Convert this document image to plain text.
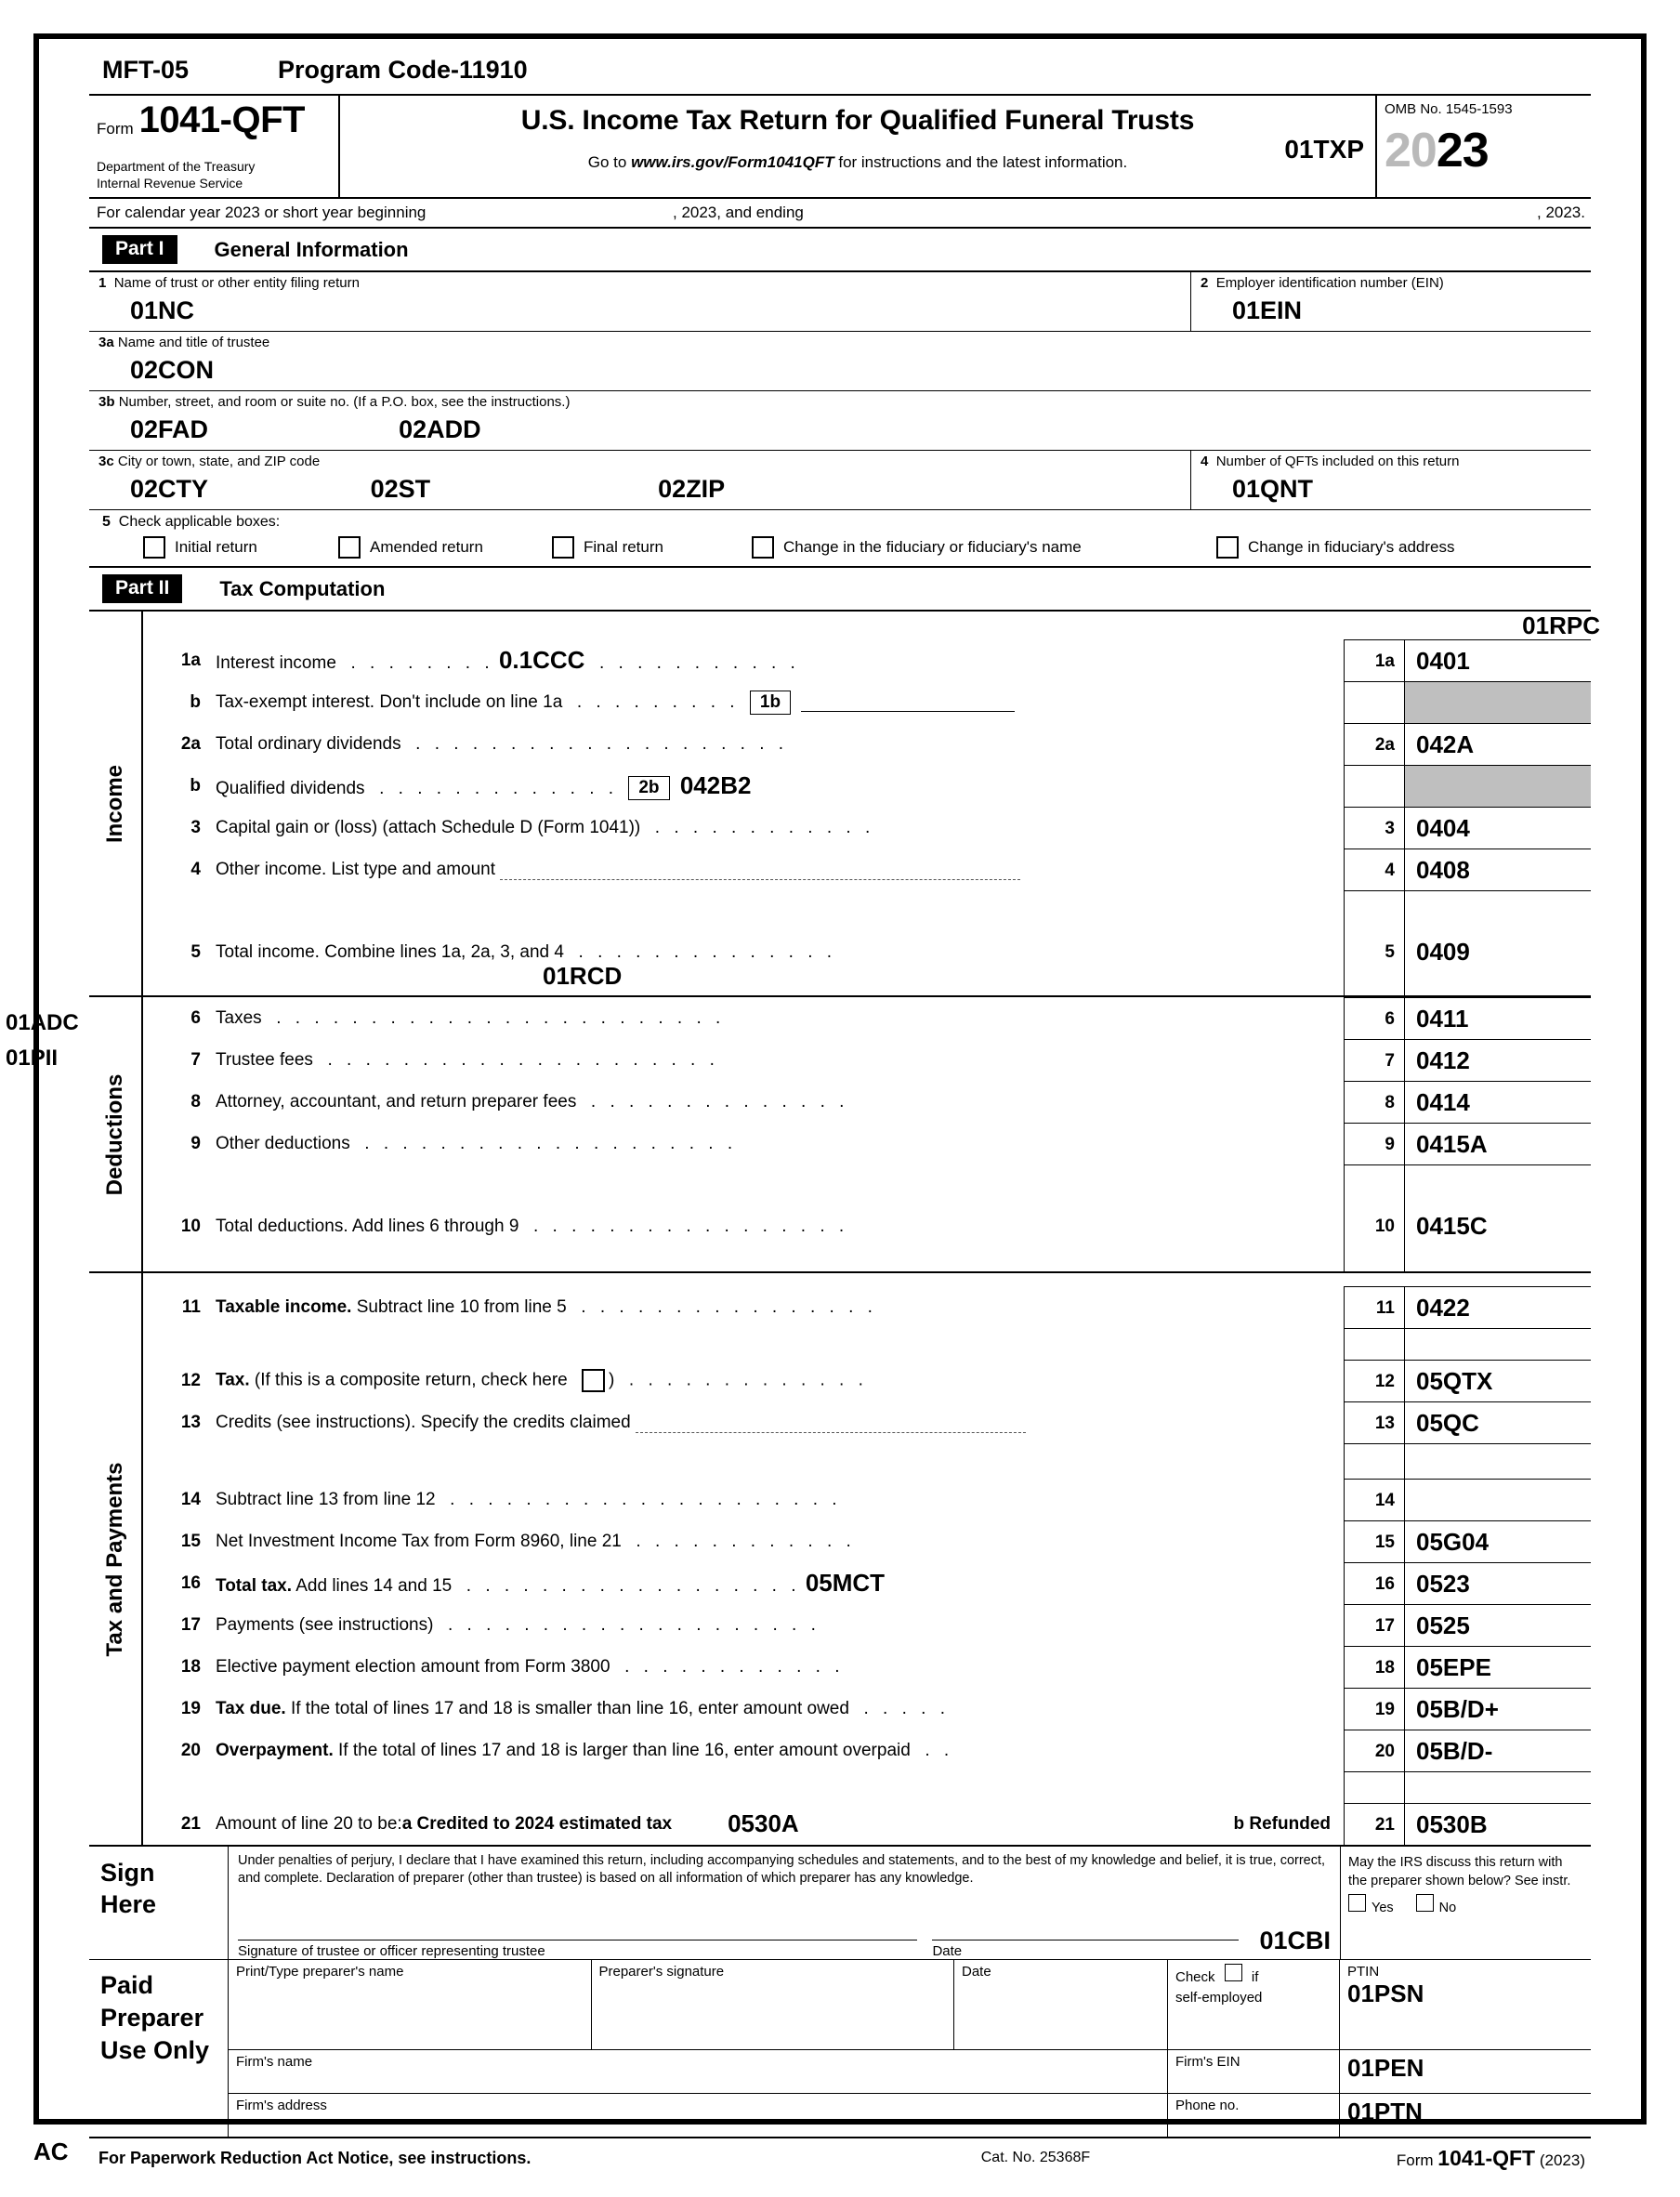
MFT-05	Program Code-11910
Form 1041-QFT
Department of the Treasury
Internal Revenue Service
U.S. Income Tax Return for Qualified Funeral Trusts
Go to www.irs.gov/Form1041QFT for instructions and the latest information.	01TXP
OMB No. 1545-1593
2023
For calendar year 2023 or short year beginning	, 2023, and ending	, 2023.
Part I	General Information
1 Name of trust or other entity filing return
01NC
2 Employer identification number (EIN)
01EIN
3a Name and title of trustee
02CON
3b Number, street, and room or suite no. (If a P.O. box, see the instructions.)
02FAD	02ADD
3c City or town, state, and ZIP code
02CTY	02ST	02ZIP
4 Number of QFTs included on this return
01QNT
5 Check applicable boxes:
Initial return	Amended return	Final return	Change in the fiduciary or fiduciary's name	Change in fiduciary's address
Part II	Tax Computation
Income
01RPC
1a Interest income  . . . . . . . . 0.1CCC  . . . . . . . . . . .	1a 0401
b Tax-exempt interest. Don't include on line 1a  . . . . . . . . . 1b
2a Total ordinary dividends  . . . . . . . . . . . . . . . . . . . .	2a 042A
b Qualified dividends  . . . . . . . . . . . . . 2b 042B2
3 Capital gain or (loss) (attach Schedule D (Form 1041))  . . . . . . . . . . . .	3 0404
4 Other income. List type and amount	4 0408
5 Total income. Combine lines 1a, 2a, 3, and 4  . . . . . . . . . . . . . .	5 0409
01ADC
01PII
Deductions
01RCD
6 Taxes  . . . . . . . . . . . . . . . . . . . . . . . .	6 0411
7 Trustee fees  . . . . . . . . . . . . . . . . . . . . .	7 0412
8 Attorney, accountant, and return preparer fees  . . . . . . . . . . . . . .	8 0414
9 Other deductions  . . . . . . . . . . . . . . . . . . . .	9 0415A
10 Total deductions. Add lines 6 through 9  . . . . . . . . . . . . . . . . .	10 0415C
Tax and Payments
11 Taxable income. Subtract line 10 from line 5  . . . . . . . . . . . . . . . .	11 0422
12 Tax. (If this is a composite return, check here )  . . . . . . . . . . . . .	12 05QTX
13 Credits (see instructions). Specify the credits claimed	13 05QC
14 Subtract line 13 from line 12  . . . . . . . . . . . . . . . . . . . . .	14
15 Net Investment Income Tax from Form 8960, line 21  . . . . . . . . . . . .	15 05G04
16 Total tax. Add lines 14 and 15  . . . . . . . . . . . . . . . . . . 05MCT	16 0523
17 Payments (see instructions)  . . . . . . . . . . . . . . . . . . . .	17 0525
18 Elective payment election amount from Form 3800  . . . . . . . . . . . .	18 05EPE
19 Tax due. If the total of lines 17 and 18 is smaller than line 16, enter amount owed  . . . . .	19 05B/D+
20 Overpayment. If the total of lines 17 and 18 is larger than line 16, enter amount overpaid  . .	20 05B/D-
21 Amount of line 20 to be: a Credited to 2024 estimated tax 0530A	b Refunded	21 0530B
Sign
Here
Under penalties of perjury, I declare that I have examined this return, including accompanying schedules and statements, and to the best of my knowledge and belief, it is true, correct, and complete. Declaration of preparer (other than trustee) is based on all information of which preparer has any knowledge.
Signature of trustee or officer representing trustee	Date	01CBI
May the IRS discuss this return with the preparer shown below? See instr.
Yes	No
Paid
Preparer
Use Only
Print/Type preparer's name	Preparer's signature	Date	Check	if
self-employed
PTIN
01PSN
Firm's name	Firm's EIN	01PEN
Firm's address	Phone no.	01PTN
For Paperwork Reduction Act Notice, see instructions.	Cat. No. 25368F	Form 1041-QFT (2023)
AC
